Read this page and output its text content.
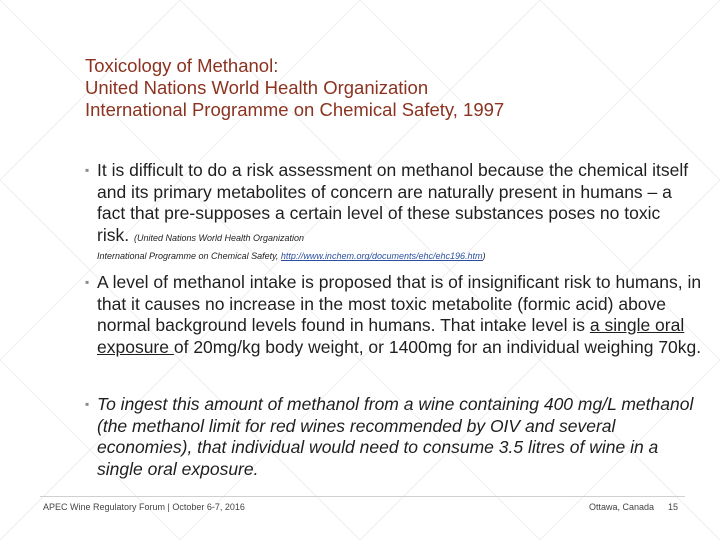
Toxicology of Methanol:
United Nations World Health Organization
International Programme on Chemical Safety, 1997
▪ It is difficult to do a risk assessment on methanol because the chemical itself and its primary metabolites of concern are naturally present in humans – a fact that pre-supposes a certain level of these substances poses no toxic risk. (United Nations World Health Organization
International Programme on Chemical Safety, http://www.inchem.org/documents/ehc/ehc196.htm)
▪ A level of methanol intake is proposed that is of insignificant risk to humans, in that it causes no increase in the most toxic metabolite (formic acid) above normal background levels found in humans. That intake level is a single oral exposure of 20mg/kg body weight, or 1400mg for an individual weighing 70kg.
▪ To ingest this amount of methanol from a wine containing 400 mg/L methanol (the methanol limit for red wines recommended by OIV and several economies), that individual would need to consume 3.5 litres of wine in a single oral exposure.
APEC Wine Regulatory Forum | October 6-7, 2016	Ottawa, Canada 15
